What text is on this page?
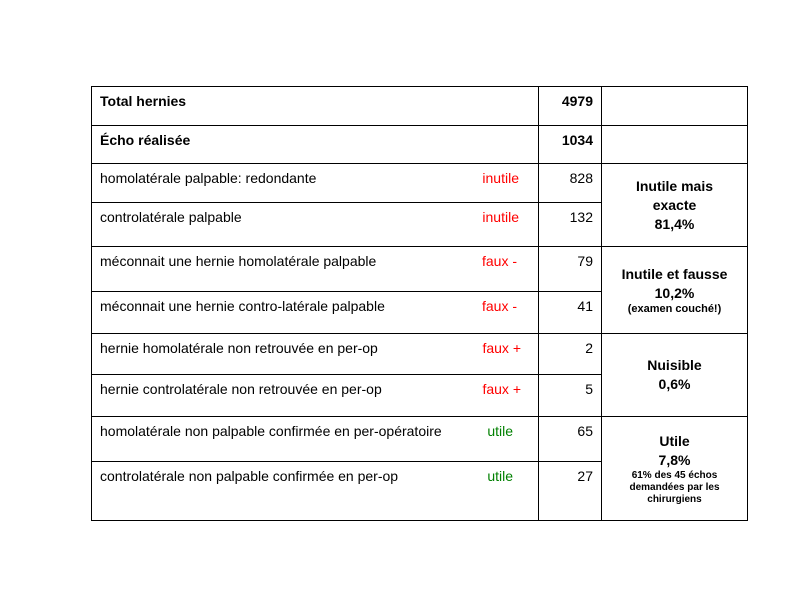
Total hernies	4979	
Écho réalisée	1034	

homolatérale palpable: redondante inutile	828	Inutile mais
exacte
81,4%

controlatérale palpable inutile	132	

méconnait une hernie homolatérale palpable faux -	79	Inutile et fausse
10,2%
(examen couché!)

méconnait une hernie contro-latérale palpable faux -	41	

hernie homolatérale non retrouvée en per-op faux +	2	Nuisible
0,6%

hernie controlatérale non retrouvée en per-op faux +	5	

homolatérale non palpable confirmée en per-opératoire utile	65	Utile
7,8%
61% des 45 échos demandées par les chirurgiens

controlatérale non palpable confirmée en per-op utile	27	
